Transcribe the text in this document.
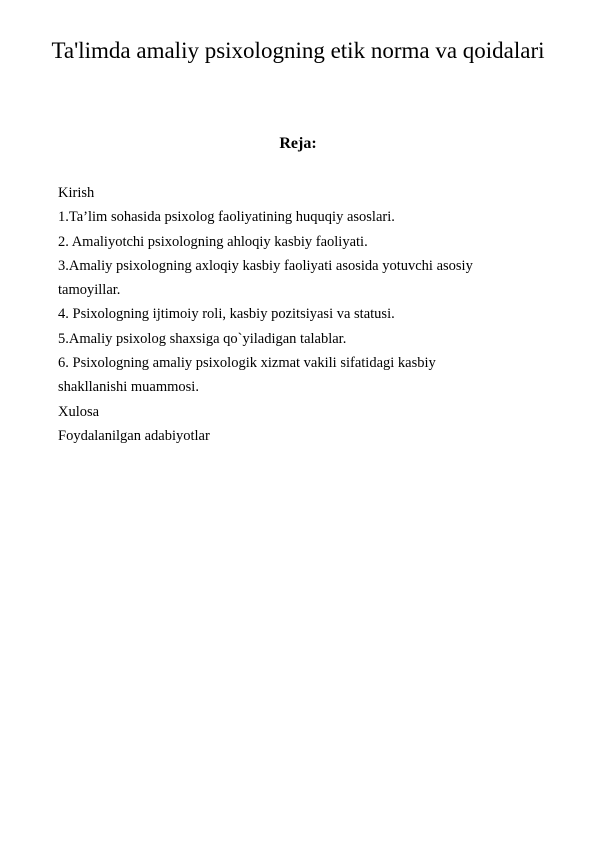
Ta'limda amaliy psixologning etik norma va qoidalari
Reja:
Kirish
1.Ta’lim sohasida psixolog faoliyatining huquqiy asoslari.
2. Amaliyotchi psixologning ahloqiy kasbiy faoliyati.
3.Amaliy psixologning axloqiy kasbiy faoliyati asosida yotuvchi asosiy
tamoyillar.
4. Psixologning ijtimoiy roli, kasbiy pozitsiyasi va statusi.
5.Amaliy psixolog shaxsiga qo`yiladigan talablar.
6. Psixologning amaliy psixologik xizmat vakili sifatidagi kasbiy
shakllanishi muammosi.
Xulosa
Foydalanilgan adabiyotlar
